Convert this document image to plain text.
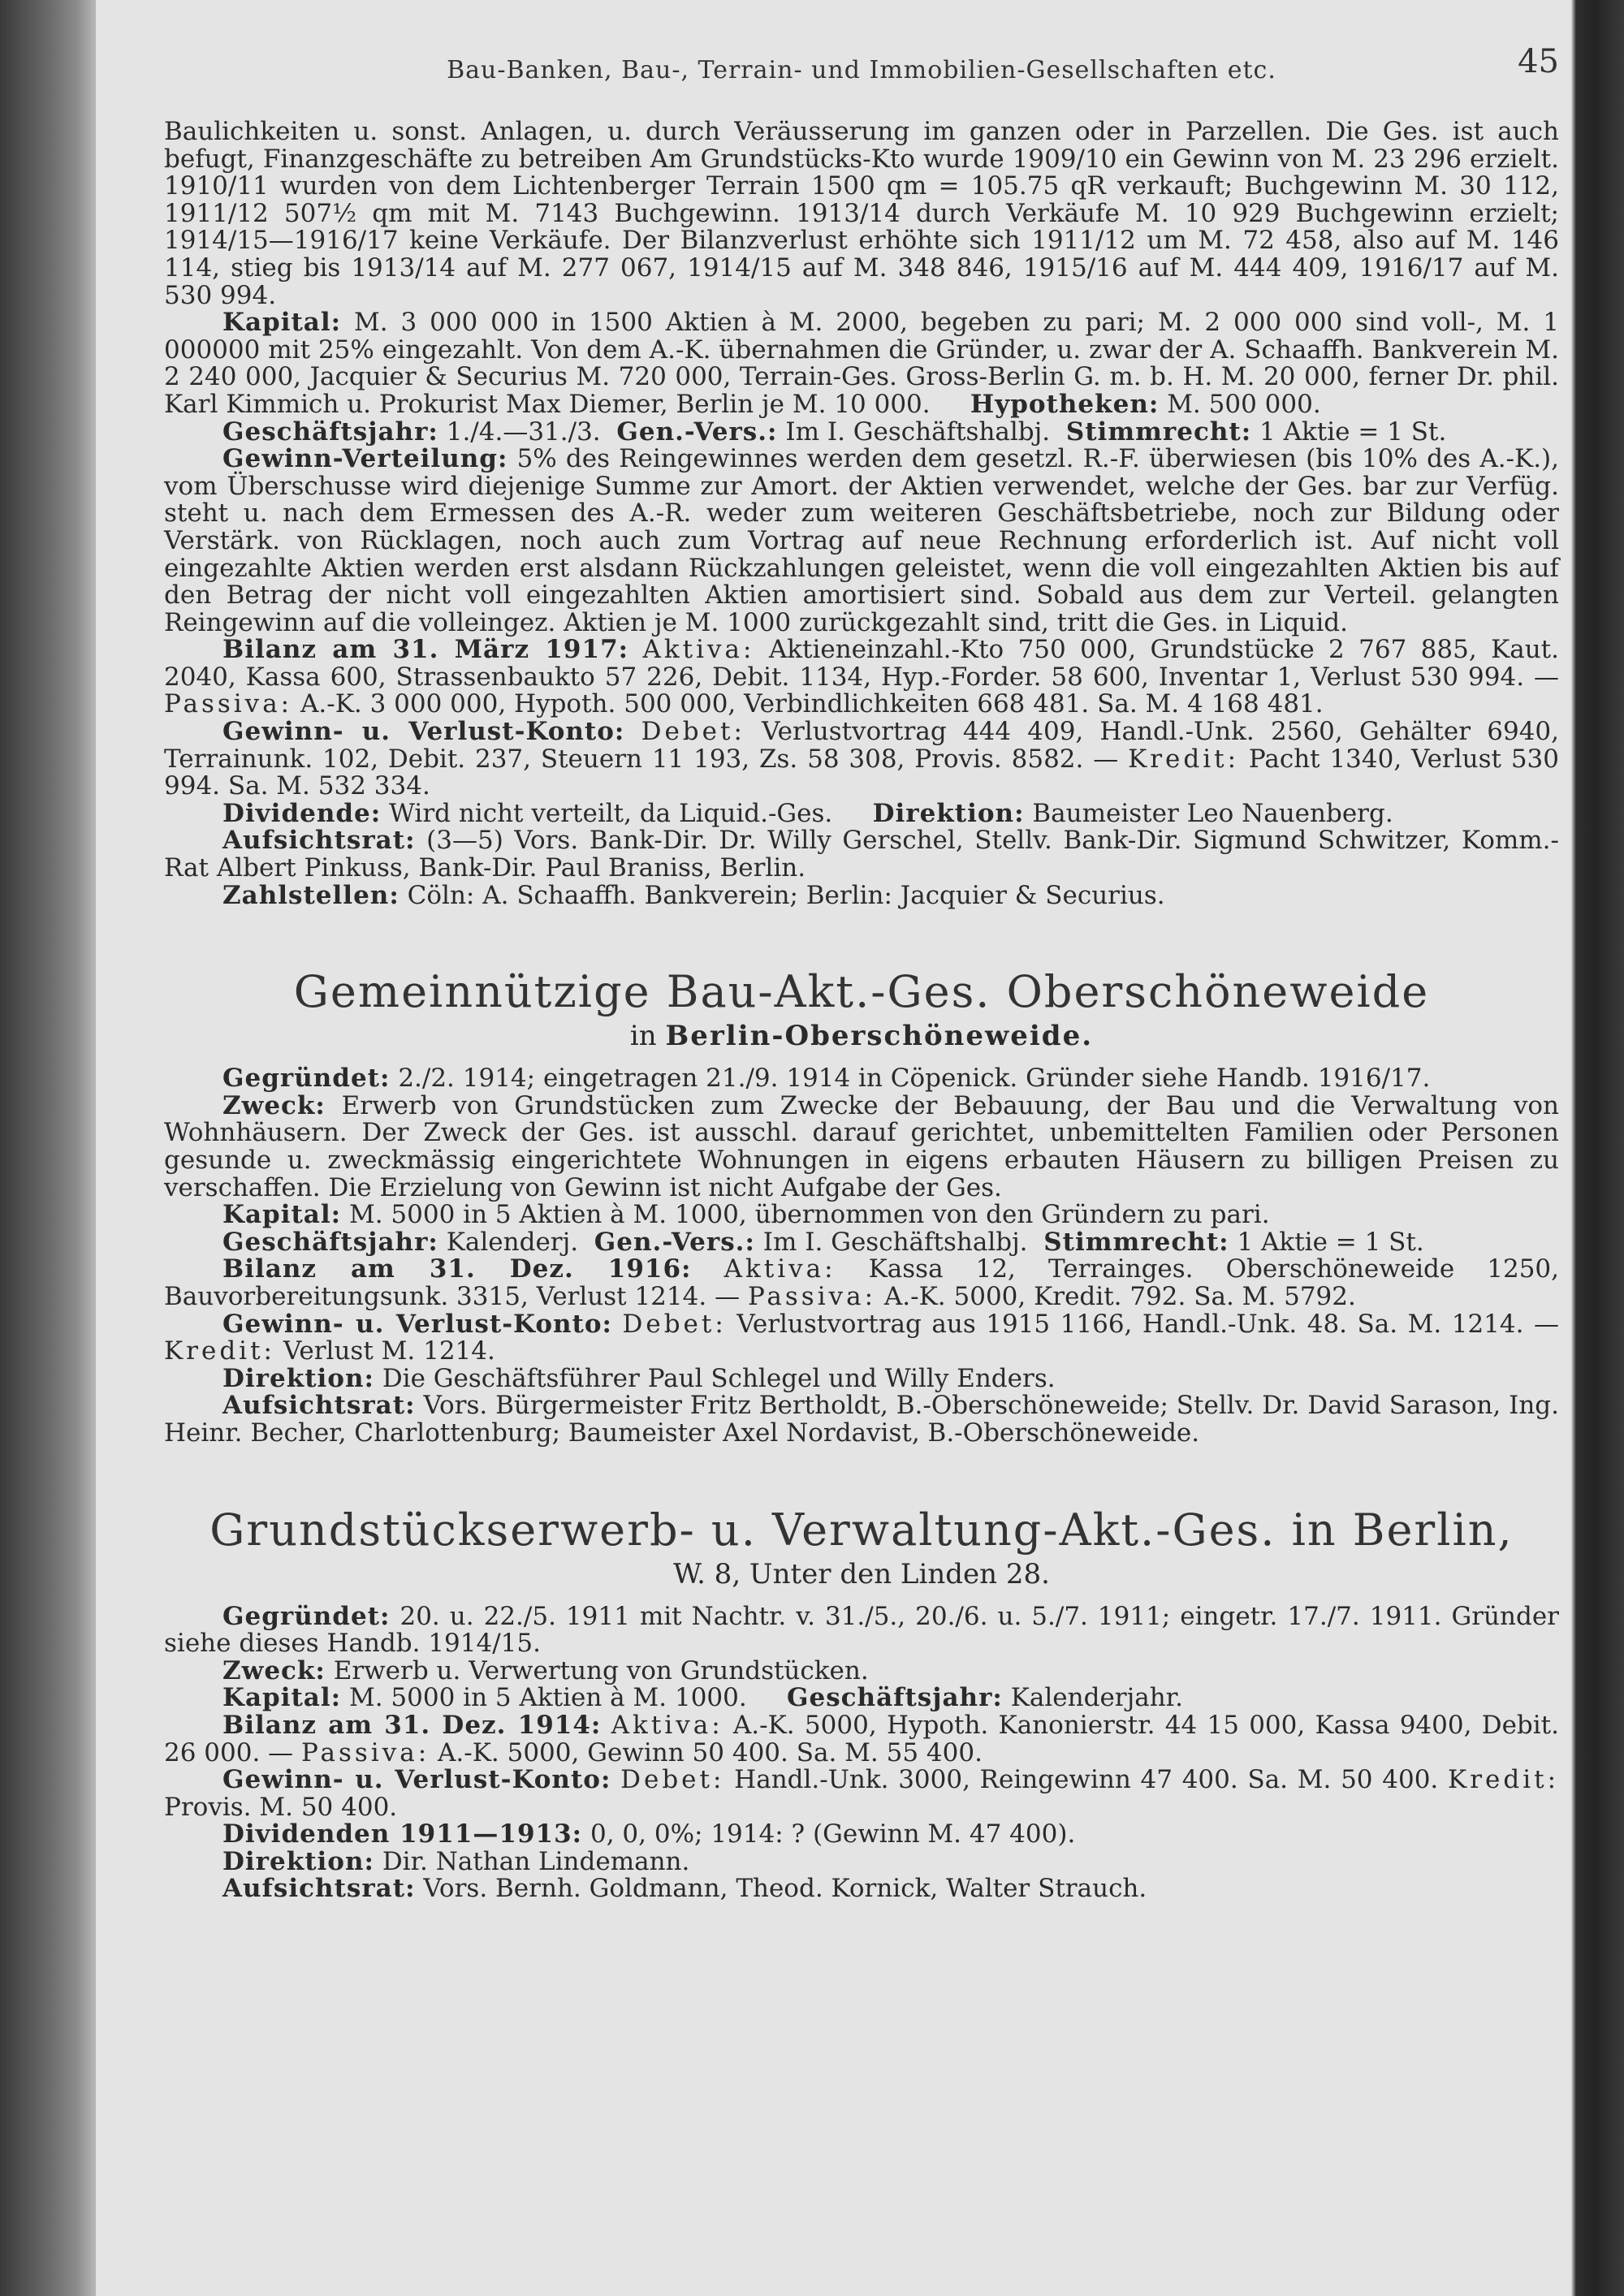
Bau-Banken, Bau-, Terrain- und Immobilien-Gesellschaften etc.	45

Baulichkeiten u. sonst. Anlagen, u. durch Veräusserung im ganzen oder in Parzellen. Die Ges. ist auch befugt, Finanzgeschäfte zu betreiben Am Grundstücks-Kto wurde 1909/10 ein Gewinn von M. 23 296 erzielt. 1910/11 wurden von dem Lichtenberger Terrain 1500 qm = 105.75 qR verkauft; Buchgewinn M. 30 112, 1911/12 507½ qm mit M. 7143 Buchgewinn. 1913/14 durch Verkäufe M. 10 929 Buchgewinn erzielt; 1914/15—1916/17 keine Verkäufe. Der Bilanzverlust erhöhte sich 1911/12 um M. 72 458, also auf M. 146 114, stieg bis 1913/14 auf M. 277 067, 1914/15 auf M. 348 846, 1915/16 auf M. 444 409, 1916/17 auf M. 530 994.

Kapital: M. 3 000 000 in 1500 Aktien à M. 2000, begeben zu pari; M. 2 000 000 sind voll-, M. 1 000000 mit 25% eingezahlt. Von dem A.-K. übernahmen die Gründer, u. zwar der A. Schaaffh. Bankverein M. 2 240 000, Jacquier & Securius M. 720 000, Terrain-Ges. Gross-Berlin G. m. b. H. M. 20 000, ferner Dr. phil. Karl Kimmich u. Prokurist Max Diemer, Berlin je M. 10 000. Hypotheken: M. 500 000.

Geschäftsjahr: 1./4.—31./3. Gen.-Vers.: Im I. Geschäftshalbj. Stimmrecht: 1 Aktie = 1 St.

Gewinn-Verteilung: 5% des Reingewinnes werden dem gesetzl. R.-F. überwiesen (bis 10% des A.-K.), vom Überschusse wird diejenige Summe zur Amort. der Aktien verwendet, welche der Ges. bar zur Verfüg. steht u. nach dem Ermessen des A.-R. weder zum weiteren Geschäftsbetriebe, noch zur Bildung oder Verstärk. von Rücklagen, noch auch zum Vortrag auf neue Rechnung erforderlich ist. Auf nicht voll eingezahlte Aktien werden erst alsdann Rückzahlungen geleistet, wenn die voll eingezahlten Aktien bis auf den Betrag der nicht voll eingezahlten Aktien amortisiert sind. Sobald aus dem zur Verteil. gelangten Reingewinn auf die volleingez. Aktien je M. 1000 zurückgezahlt sind, tritt die Ges. in Liquid.

Bilanz am 31. März 1917: Aktiva: Aktieneinzahl.-Kto 750 000, Grundstücke 2 767 885, Kaut. 2040, Kassa 600, Strassenbaukto 57 226, Debit. 1134, Hyp.-Forder. 58 600, Inventar 1, Verlust 530 994. — Passiva: A.-K. 3 000 000, Hypoth. 500 000, Verbindlichkeiten 668 481. Sa. M. 4 168 481.

Gewinn- u. Verlust-Konto: Debet: Verlustvortrag 444 409, Handl.-Unk. 2560, Gehälter 6940, Terrainunk. 102, Debit. 237, Steuern 11 193, Zs. 58 308, Provis. 8582. — Kredit: Pacht 1340, Verlust 530 994. Sa. M. 532 334.

Dividende: Wird nicht verteilt, da Liquid.-Ges. Direktion: Baumeister Leo Nauenberg.

Aufsichtsrat: (3—5) Vors. Bank-Dir. Dr. Willy Gerschel, Stellv. Bank-Dir. Sigmund Schwitzer, Komm.-Rat Albert Pinkuss, Bank-Dir. Paul Braniss, Berlin.

Zahlstellen: Cöln: A. Schaaffh. Bankverein; Berlin: Jacquier & Securius.

Gemeinnützige Bau-Akt.-Ges. Oberschöneweide
in Berlin-Oberschöneweide.

Gegründet: 2./2. 1914; eingetragen 21./9. 1914 in Cöpenick. Gründer siehe Handb. 1916/17.

Zweck: Erwerb von Grundstücken zum Zwecke der Bebauung, der Bau und die Verwaltung von Wohnhäusern. Der Zweck der Ges. ist ausschl. darauf gerichtet, unbemittelten Familien oder Personen gesunde u. zweckmässig eingerichtete Wohnungen in eigens erbauten Häusern zu billigen Preisen zu verschaffen. Die Erzielung von Gewinn ist nicht Aufgabe der Ges.

Kapital: M. 5000 in 5 Aktien à M. 1000, übernommen von den Gründern zu pari.

Geschäftsjahr: Kalenderj. Gen.-Vers.: Im I. Geschäftshalbj. Stimmrecht: 1 Aktie = 1 St.

Bilanz am 31. Dez. 1916: Aktiva: Kassa 12, Terrainges. Oberschöneweide 1250, Bauvorbereitungsunk. 3315, Verlust 1214. — Passiva: A.-K. 5000, Kredit. 792. Sa. M. 5792.

Gewinn- u. Verlust-Konto: Debet: Verlustvortrag aus 1915 1166, Handl.-Unk. 48. Sa. M. 1214. — Kredit: Verlust M. 1214.

Direktion: Die Geschäftsführer Paul Schlegel und Willy Enders.

Aufsichtsrat: Vors. Bürgermeister Fritz Bertholdt, B.-Oberschöneweide; Stellv. Dr. David Sarason, Ing. Heinr. Becher, Charlottenburg; Baumeister Axel Nordavist, B.-Oberschöneweide.

Grundstückserwerb- u. Verwaltung-Akt.-Ges. in Berlin,
W. 8, Unter den Linden 28.

Gegründet: 20. u. 22./5. 1911 mit Nachtr. v. 31./5., 20./6. u. 5./7. 1911; eingetr. 17./7. 1911. Gründer siehe dieses Handb. 1914/15.

Zweck: Erwerb u. Verwertung von Grundstücken.

Kapital: M. 5000 in 5 Aktien à M. 1000. Geschäftsjahr: Kalenderjahr.

Bilanz am 31. Dez. 1914: Aktiva: A.-K. 5000, Hypoth. Kanonierstr. 44 15 000, Kassa 9400, Debit. 26 000. — Passiva: A.-K. 5000, Gewinn 50 400. Sa. M. 55 400.

Gewinn- u. Verlust-Konto: Debet: Handl.-Unk. 3000, Reingewinn 47 400. Sa. M. 50 400. Kredit: Provis. M. 50 400.

Dividenden 1911—1913: 0, 0, 0%; 1914: ? (Gewinn M. 47 400).

Direktion: Dir. Nathan Lindemann.

Aufsichtsrat: Vors. Bernh. Goldmann, Theod. Kornick, Walter Strauch.
